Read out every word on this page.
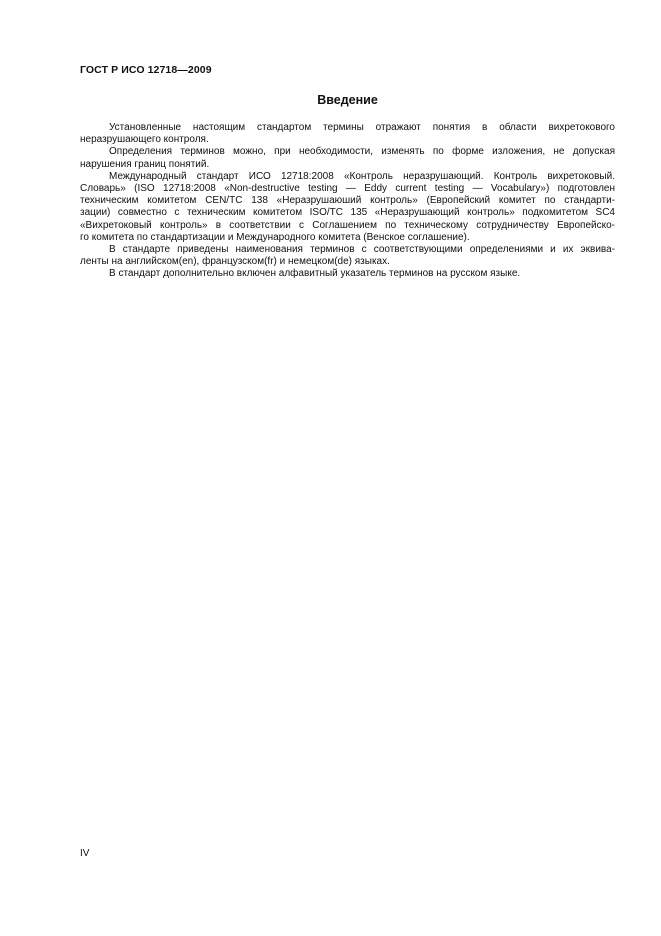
ГОСТ Р ИСО 12718—2009
Введение

Установленные настоящим стандартом термины отражают понятия в области вихретокового
неразрушающего контроля.

Определения терминов можно, при необходимости, изменять по форме изложения, не допуская
нарушения границ понятий.

Международный стандарт ИСО 12718:2008 «Контроль неразрушающий. Контроль вихретоковый.
Словарь» (ISO 12718:2008 «Non-destructive testing — Eddy current testing — Vocabulary») подготовлен
техническим комитетом CEN/TC 138 «Неразрушаюший контроль» (Европейский комитет по стандарти-
зации) совместно с техническим комитетом ISO/TC 135 «Неразрушающий контроль» подкомитетом SC4
«Вихретоковый контроль» в соответствии с Соглашением по техническому сотрудничеству Европейско-
го комитета по стандартизации и Международного комитета (Венское соглашение).

В стандарте приведены наименования терминов с соответствующими определениями и их эквива-
ленты на английском(en), французском(fr) и немецком(de) языках.

В стандарт дополнительно включен алфавитный указатель терминов на русском языке.

IV
